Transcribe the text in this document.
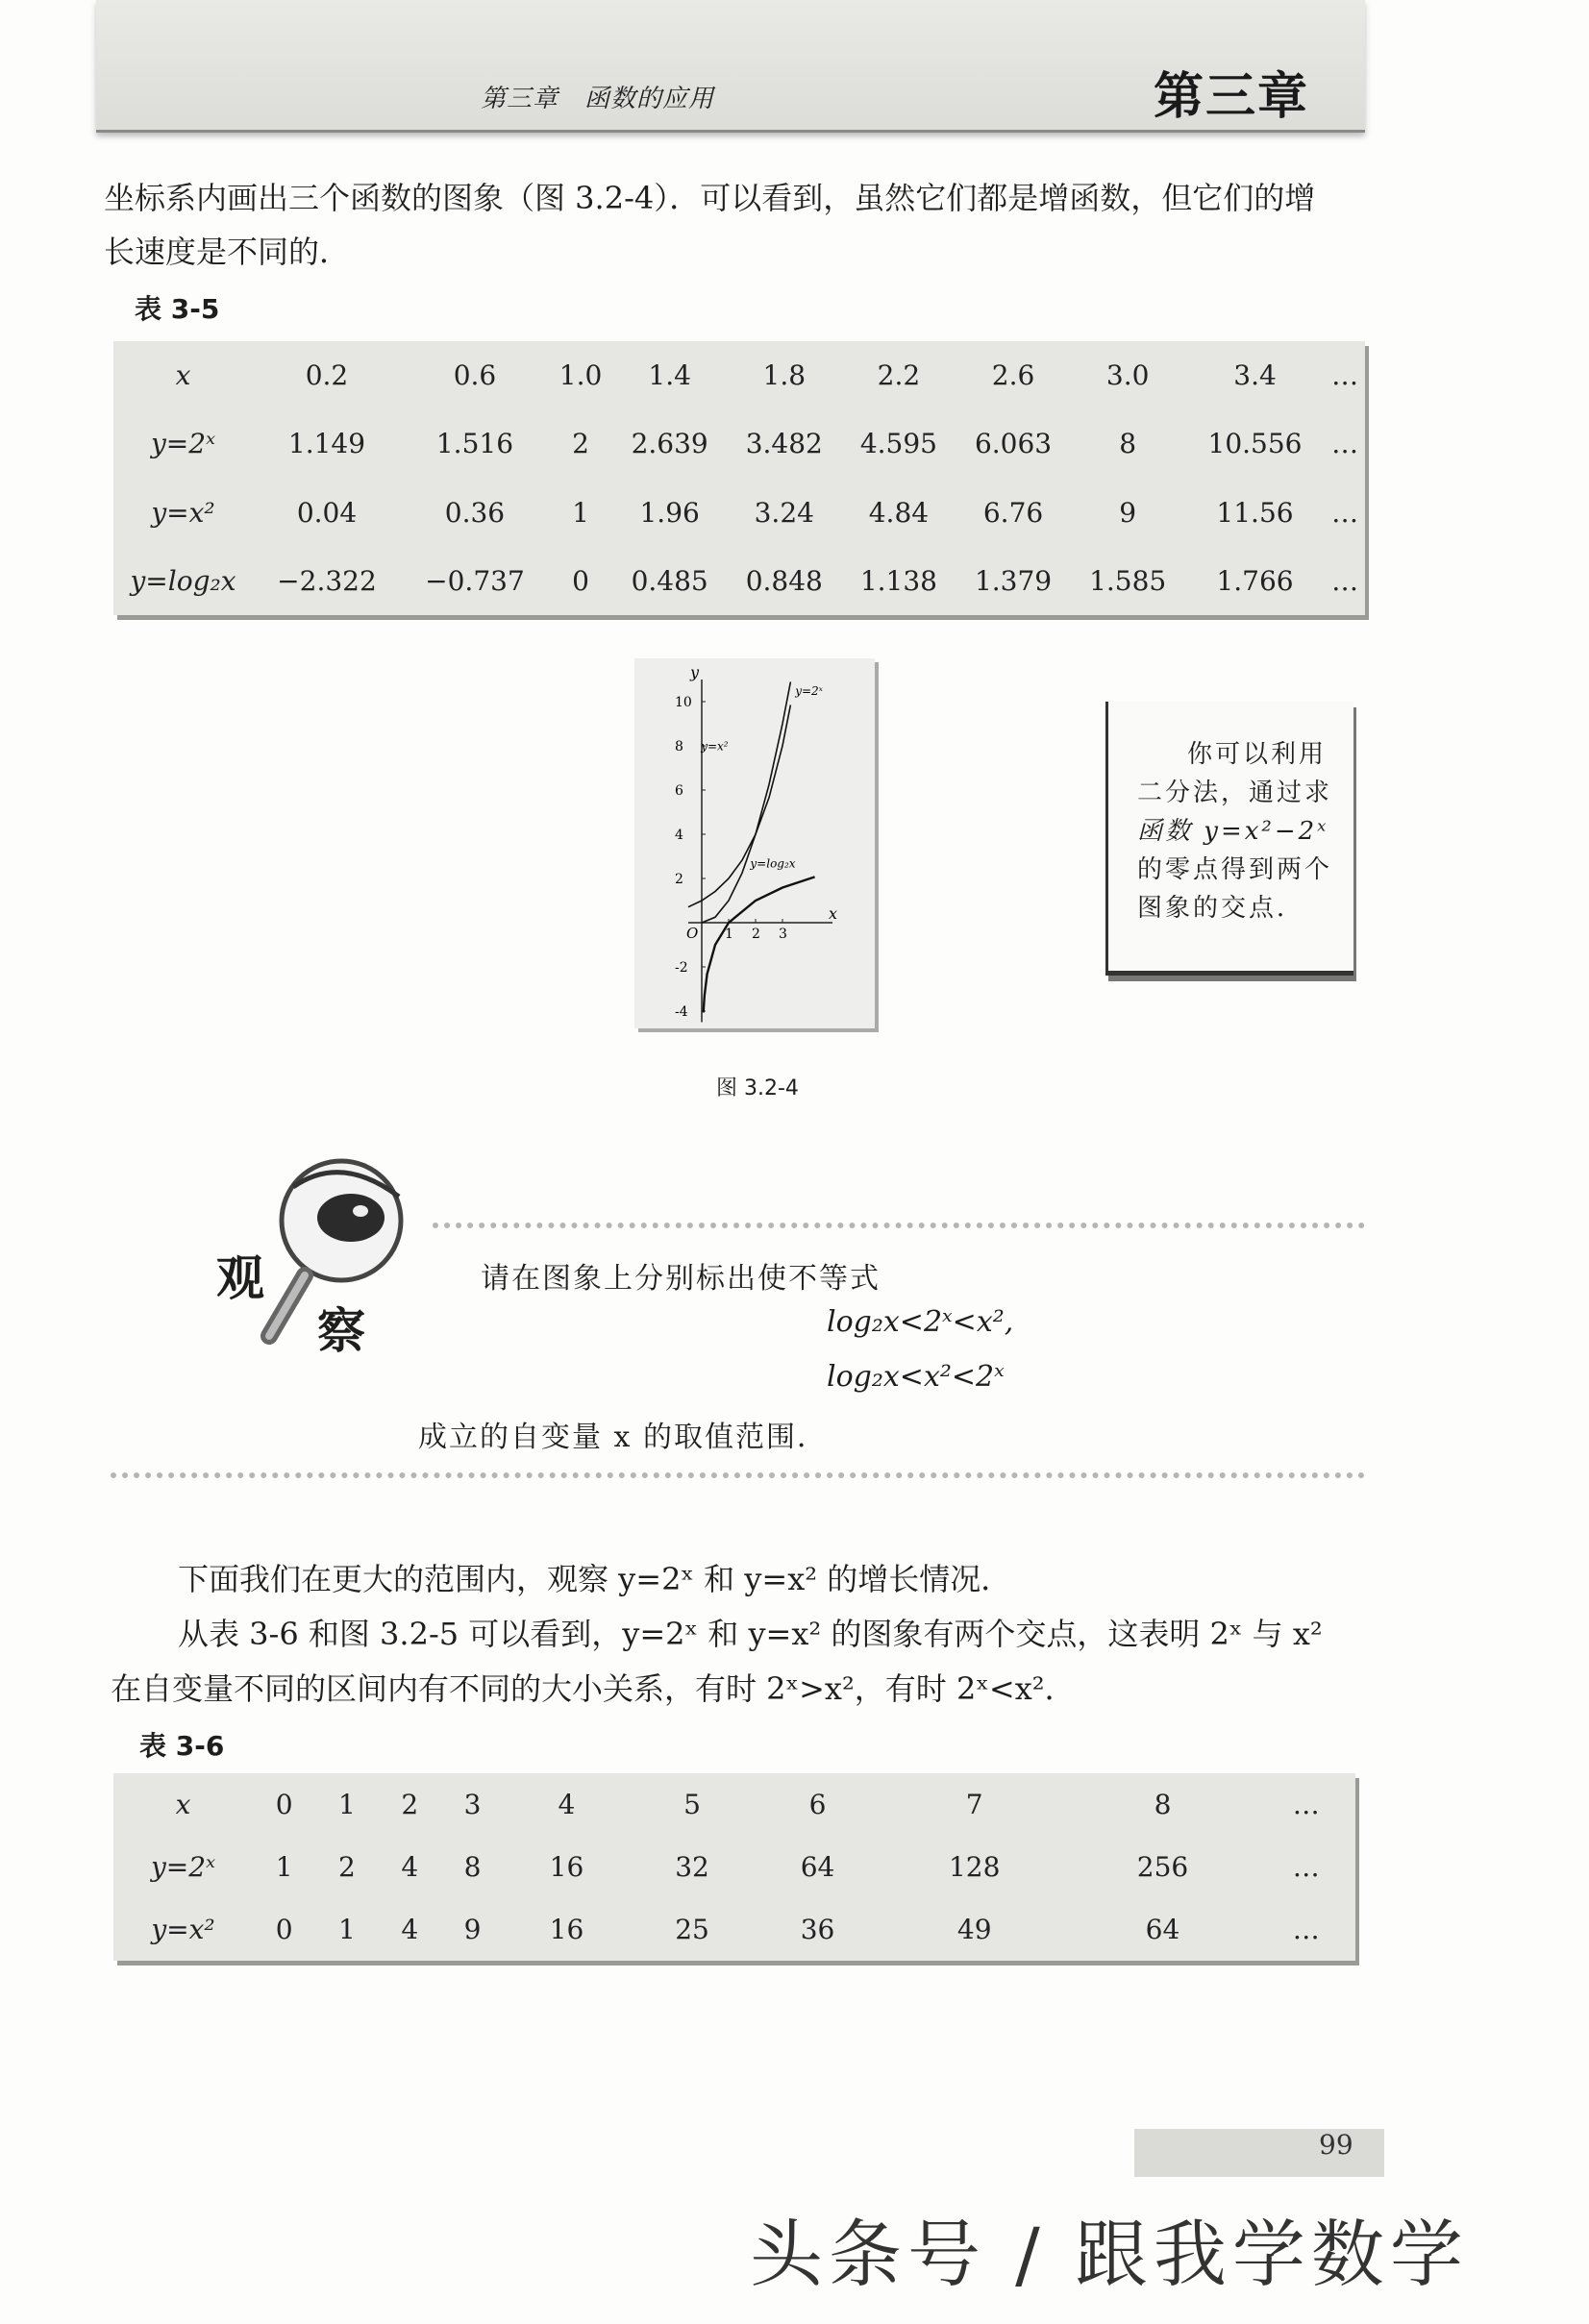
第三章　函数的应用	第三章
坐标系内画出三个函数的图象（图 3.2-4）．可以看到，虽然它们都是增函数，但它们的增
长速度是不同的．
表 3-5
x	0.2	0.6	1.0	1.4	1.8	2.2	2.6	3.0	3.4	…
y=2ˣ	1.149	1.516	2	2.639	3.482	4.595	6.063	8	10.556	…
y=x²	0.04	0.36	1	1.96	3.24	4.84	6.76	9	11.56	…
y=log₂x	−2.322	−0.737	0	0.485	0.848	1.138	1.379	1.585	1.766	…
x
y
O 1 2 3
10
8
6
4
2
-2
-4
y=2ˣ
y=x²
y=log₂x
图 3.2-4
你可以利用
二分法，通过求
函数 y=x²−2ˣ
的零点得到两个
图象的交点．
观
察
请在图象上分别标出使不等式
log₂x<2ˣ<x²,
log₂x<x²<2ˣ
成立的自变量 x 的取值范围．
下面我们在更大的范围内，观察 y=2ˣ 和 y=x² 的增长情况．
从表 3-6 和图 3.2-5 可以看到，y=2ˣ 和 y=x² 的图象有两个交点，这表明 2ˣ 与 x²
在自变量不同的区间内有不同的大小关系，有时 2ˣ>x²，有时 2ˣ<x²．
表 3-6
x	0	1	2	3	4	5	6	7	8	…
y=2ˣ	1	2	4	8	16	32	64	128	256	…
y=x²	0	1	4	9	16	25	36	49	64	…
99
头条号 / 跟我学数学
